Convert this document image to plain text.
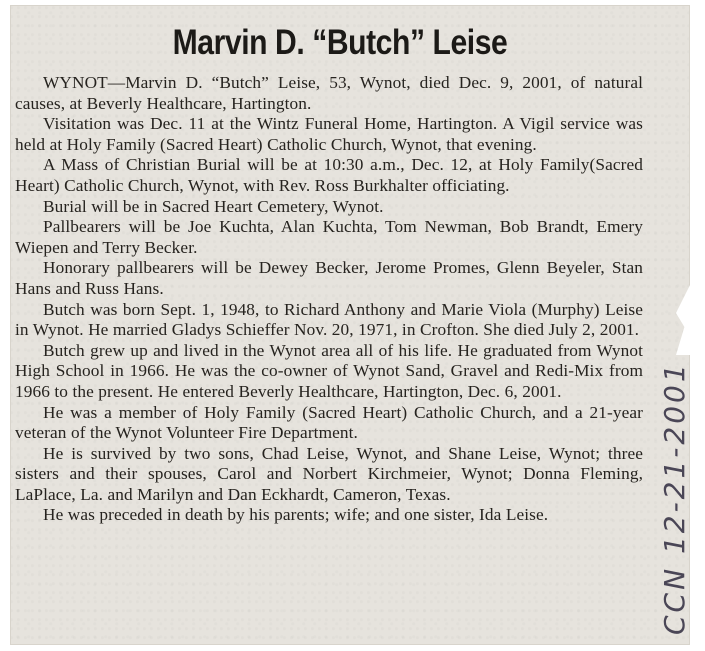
Marvin D. “Butch” Leise

WYNOT—Marvin D. “Butch” Leise, 53, Wynot, died Dec. 9, 2001, of natural causes, at Beverly Healthcare, Hartington.

Visitation was Dec. 11 at the Wintz Funeral Home, Hartington. A Vigil service was held at Holy Family (Sacred Heart) Catholic Church, Wynot, that evening.

A Mass of Christian Burial will be at 10:30 a.m., Dec. 12, at Holy Family(Sacred Heart) Catholic Church, Wynot, with Rev. Ross Burkhalter officiating.

Burial will be in Sacred Heart Cemetery, Wynot.

Pallbearers will be Joe Kuchta, Alan Kuchta, Tom Newman, Bob Brandt, Emery Wiepen and Terry Becker.

Honorary pallbearers will be Dewey Becker, Jerome Promes, Glenn Beyeler, Stan Hans and Russ Hans.

Butch was born Sept. 1, 1948, to Richard Anthony and Marie Viola (Murphy) Leise in Wynot. He married Gladys Schieffer Nov. 20, 1971, in Crofton. She died July 2, 2001.

Butch grew up and lived in the Wynot area all of his life. He graduated from Wynot High School in 1966. He was the co-owner of Wynot Sand, Gravel and Redi-Mix from 1966 to the present. He entered Beverly Healthcare, Hartington, Dec. 6, 2001.

He was a member of Holy Family (Sacred Heart) Catholic Church, and a 21-year veteran of the Wynot Volunteer Fire Department.

He is survived by two sons, Chad Leise, Wynot, and Shane Leise, Wynot; three sisters and their spouses, Carol and Norbert Kirchmeier, Wynot; Donna Fleming, LaPlace, La. and Marilyn and Dan Eckhardt, Cameron, Texas.

He was preceded in death by his parents; wife; and one sister, Ida Leise.	CCN 12-21-2001
